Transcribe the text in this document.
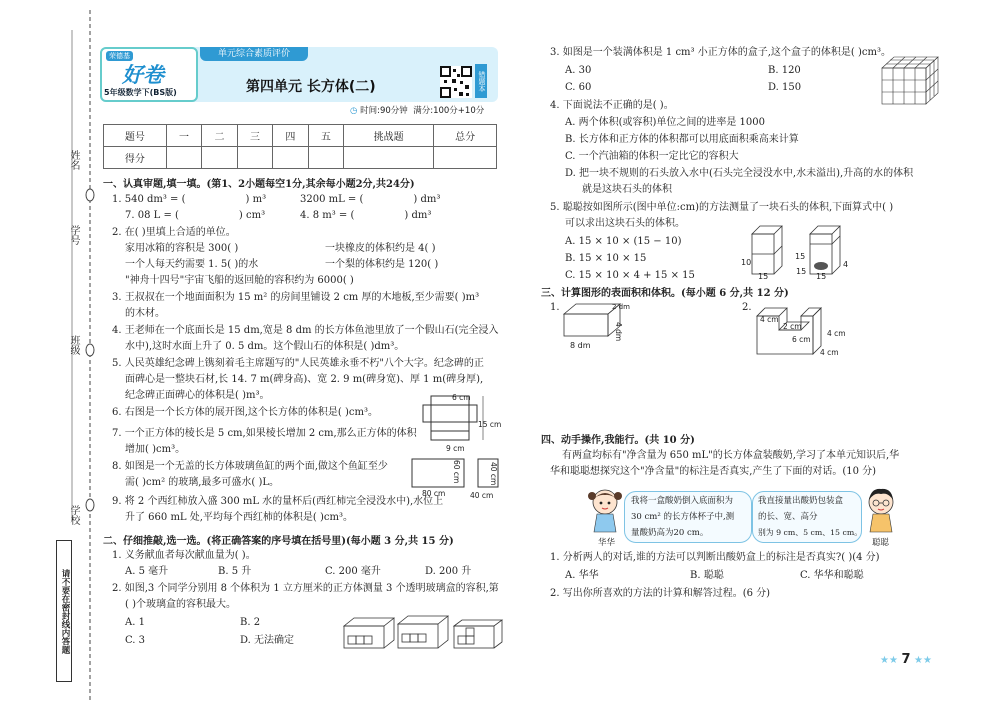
姓名
学号
班级
学校
请不要在密封线内答题
荣德基
好卷
5年级数学下(BS版)
单元综合素质评价
第四单元 长方体(二)	错题本
◷ 时间:90分钟 满分:100分+10分
题号	一	二	三	四	五	挑战题	总分
得分							
一、认真审题,填一填。(第1、2小题每空1分,其余每小题2分,共24分)
1. 540 dm³ = (	) m³	3200 mL = (	) dm³
7. 08 L = (	) cm³	4. 8 m³ = (	) dm³
2. 在( )里填上合适的单位。
家用冰箱的容积是 300( )	一块橡皮的体积约是 4( )
一个人每天约需要 1. 5( )的水	一个梨的体积约是 120( )
"神舟十四号"宇宙飞船的返回舱的容积约为 6000( )
3. 王叔叔在一个地面面积为 15 m² 的房间里铺设 2 cm 厚的木地板,至少需要( )m³
的木材。
4. 王老师在一个底面长是 15 dm,宽是 8 dm 的长方体鱼池里放了一个假山石(完全浸入
水中),这时水面上升了 0. 5 dm。这个假山石的体积是( )dm³。
5. 人民英雄纪念碑上镌刻着毛主席题写的"人民英雄永垂不朽"八个大字。纪念碑的正
面碑心是一整块石材,长 14. 7 m(碑身高)、宽 2. 9 m(碑身宽)、厚 1 m(碑身厚),
纪念碑正面碑心的体积是( )m³。
6. 右图是一个长方体的展开图,这个长方体的体积是( )cm³。
7. 一个正方体的棱长是 5 cm,如果棱长增加 2 cm,那么正方体的体积
增加( )cm³。
8. 如图是一个无盖的长方体玻璃鱼缸的两个面,做这个鱼缸至少
需( )cm² 的玻璃,最多可盛水( )L。
9. 将 2 个西红柿放入盛 300 mL 水的量杯后(西红柿完全浸没水中),水位上
升了 660 mL 处,平均每个西红柿的体积是( )cm³。
6 cm
15 cm
9 cm
80 cm	40 cm
60 cm	40 cm
二、仔细推敲,选一选。(将正确答案的序号填在括号里)(每小题 3 分,共 15 分)
1. 义务献血者每次献血量为( )。
A. 5 毫升	B. 5 升	C. 200 毫升	D. 200 升
2. 如图,3 个同学分别用 8 个体积为 1 立方厘米的正方体测量 3 个透明玻璃盒的容积,第
( )个玻璃盒的容积最大。
A. 1	B. 2
C. 3	D. 无法确定
3. 如图是一个装满体积是 1 cm³ 小正方体的盒子,这个盒子的体积是( )cm³。
A. 30	B. 120
C. 60	D. 150
4. 下面说法不正确的是( )。
A. 两个体积(或容积)单位之间的进率是 1000
B. 长方体和正方体的体积都可以用底面积乘高来计算
C. 一个汽油箱的体积一定比它的容积大
D. 把一块不规则的石头放入水中(石头完全浸没水中,水未溢出),升高的水的体积
就是这块石头的体积
5. 聪聪按如图所示(图中单位:cm)的方法测量了一块石头的体积,下面算式中( )
可以求出这块石头的体积。
A. 15 × 10 × (15 − 10)
B. 15 × 10 × 15
C. 15 × 10 × 4 + 15 × 15
10
15
15
15
15
4
三、计算图形的表面积和体积。(每小题 6 分,共 12 分)
1.	2.
8 dm
2 dm
4 dm
4 cm
2 cm
6 cm
4 cm
4 cm
四、动手操作,我能行。(共 10 分)
有两盒均标有"净含量为 650 mL"的长方体盒装酸奶,学习了本单元知识后,华
华和聪聪想探究这个"净含量"的标注是否真实,产生了下面的对话。(10 分)
华华
我将一盒酸奶倒入底面积为
30 cm² 的长方体杯子中,测
量酸奶高为20 cm。
我直接量出酸奶包装盒
的长、宽、高分
别为 9 cm、5 cm、15 cm。
聪聪
1. 分析两人的对话,谁的方法可以判断出酸奶盒上的标注是否真实?( )(4 分)
A. 华华	B. 聪聪	C. 华华和聪聪
2. 写出你所喜欢的方法的计算和解答过程。(6 分)
★★ 7 ★★
